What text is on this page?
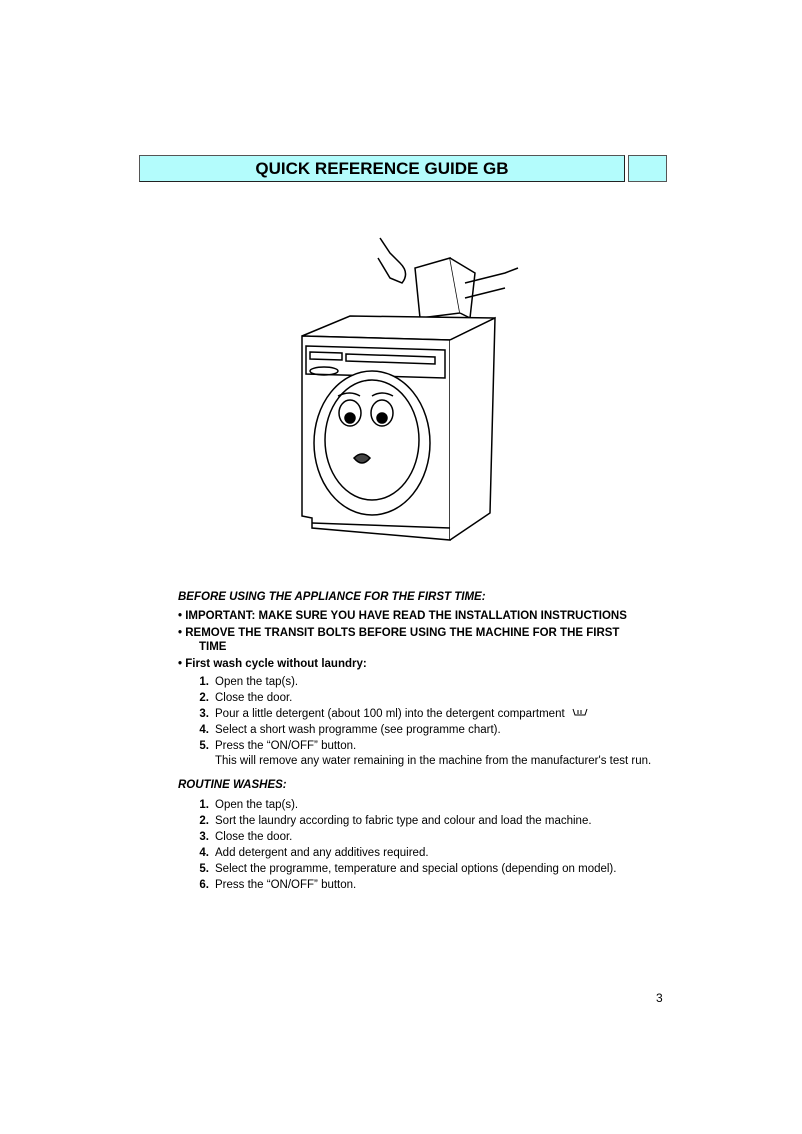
QUICK REFERENCE GUIDE GB
BEFORE USING THE APPLIANCE FOR THE FIRST TIME:
• IMPORTANT: MAKE SURE YOU HAVE READ THE INSTALLATION INSTRUCTIONS
• REMOVE THE TRANSIT BOLTS BEFORE USING THE MACHINE FOR THE FIRST
TIME
• First wash cycle without laundry:
1. Open the tap(s).
2. Close the door.
3. Pour a little detergent (about 100 ml) into the detergent compartment
4. Select a short wash programme (see programme chart).
5. Press the “ON/OFF” button.
This will remove any water remaining in the machine from the manufacturer's test run.
ROUTINE WASHES:
1. Open the tap(s).
2. Sort the laundry according to fabric type and colour and load the machine.
3. Close the door.
4. Add detergent and any additives required.
5. Select the programme, temperature and special options (depending on model).
6. Press the “ON/OFF” button.
3
